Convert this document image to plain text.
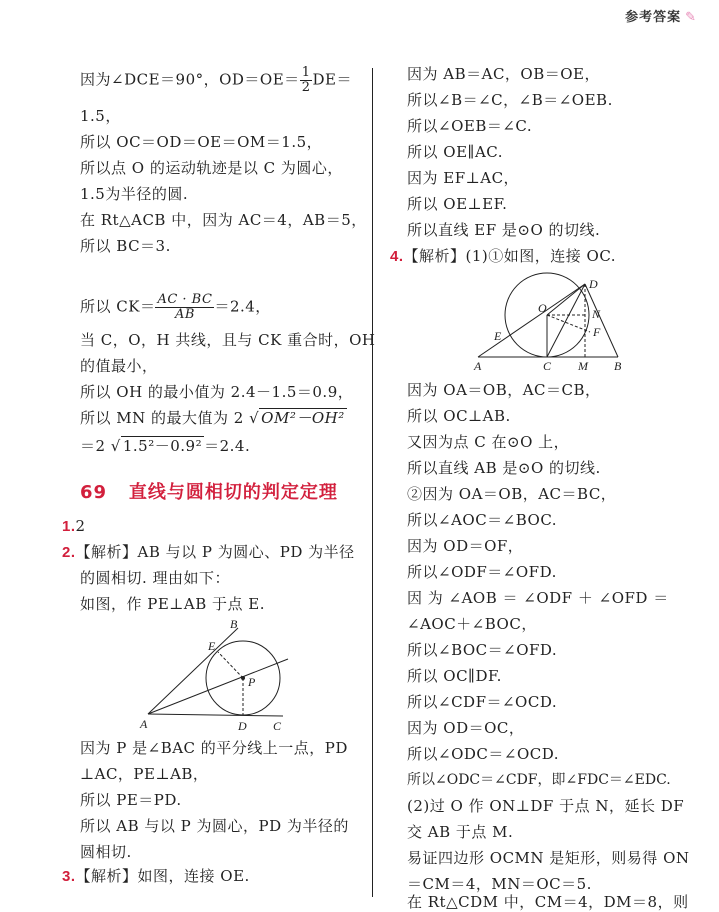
参考答案 ✎
因为∠DCE＝90°，$OD=OE= \frac{1}{2} DE=$
1.5，
所以 OC＝OD＝OE＝OM＝1.5，
所以点 O 的运动轨迹是以 C 为圆心，
1.5为半径的圆.
在 Rt△ACB 中，因为 AC＝4，AB＝5，
所以 BC＝3.
所以 $CK= \frac{AC \cdot BC}{AB} =2.4$，
当 C，O，H 共线，且与 CK 重合时，OH
的值最小，
所以 OH 的最小值为 2.4－1.5＝0.9，
所以 MN 的最大值为 2 √ OM²－OH²
＝2 √ 1.5²－0.9² ＝2.4.
69 直线与圆相切的判定定理
1.2
2.【解析】AB 与以 P 为圆心、PD 为半径
的圆相切. 理由如下：
如图，作 PE⊥AB 于点 E.
A
B
C
D
E
P
因为 P 是∠BAC 的平分线上一点，PD
⊥AC，PE⊥AB，
所以 PE＝PD.
所以 AB 与以 P 为圆心，PD 为半径的
圆相切.
3.【解析】如图，连接 OE.
因为 AB＝AC，OB＝OE，
所以∠B＝∠C，∠B＝∠OEB.
所以∠OEB＝∠C.
所以 OE∥AC.
因为 EF⊥AC，
所以 OE⊥EF.
所以直线 EF 是⊙O 的切线.
4.【解析】(1)①如图，连接 OC.
A	B
C
D
E	F
M
N
O
因为 OA＝OB，AC＝CB，
所以 OC⊥AB.
又因为点 C 在⊙O 上，
所以直线 AB 是⊙O 的切线.
②因为 OA＝OB，AC＝BC，
所以∠AOC＝∠BOC.
因为 OD＝OF，
所以∠ODF＝∠OFD.
因 为 ∠AOB ＝ ∠ODF ＋ ∠OFD ＝
∠AOC＋∠BOC，
所以∠BOC＝∠OFD.
所以 OC∥DF.
所以∠CDF＝∠OCD.
因为 OD＝OC，
所以∠ODC＝∠OCD.
所以∠ODC＝∠CDF，即∠FDC＝∠EDC.
(2)过 O 作 ON⊥DF 于点 N，延长 DF
交 AB 于点 M.
易证四边形 OCMN 是矩形，则易得 ON
＝CM＝4，MN＝OC＝5.
在 Rt△CDM 中，CM＝4，DM＝8，则
